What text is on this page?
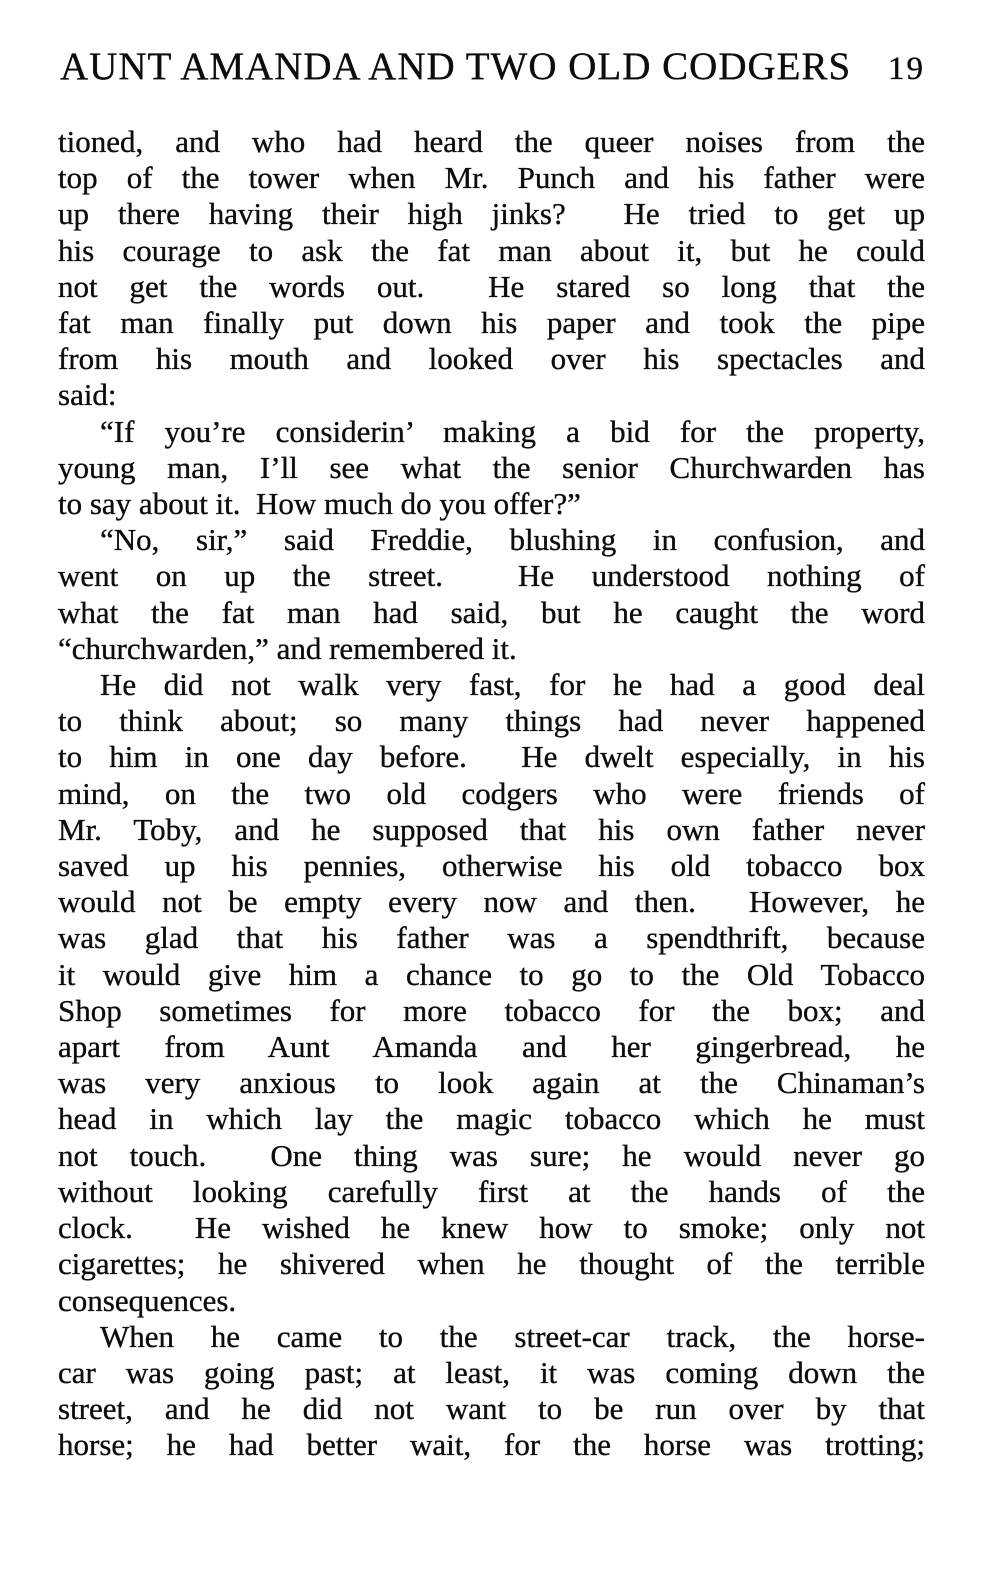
AUNT AMANDA AND TWO OLD CODGERS 19
tioned, and who had heard the queer noises from the
top of the tower when Mr. Punch and his father were
up there having their high jinks?  He tried to get up
his courage to ask the fat man about it, but he could
not get the words out.  He stared so long that the
fat man finally put down his paper and took the pipe
from his mouth and looked over his spectacles and
said:
“If you’re considerin’ making a bid for the property,
young man, I’ll see what the senior Churchwarden has
to say about it.  How much do you offer?”
“No, sir,” said Freddie, blushing in confusion, and
went on up the street.  He understood nothing of
what the fat man had said, but he caught the word
“churchwarden,” and remembered it.
He did not walk very fast, for he had a good deal
to think about; so many things had never happened
to him in one day before.  He dwelt especially, in his
mind, on the two old codgers who were friends of
Mr. Toby, and he supposed that his own father never
saved up his pennies, otherwise his old tobacco box
would not be empty every now and then.  However, he
was glad that his father was a spendthrift, because
it would give him a chance to go to the Old Tobacco
Shop sometimes for more tobacco for the box; and
apart from Aunt Amanda and her gingerbread, he
was very anxious to look again at the Chinaman’s
head in which lay the magic tobacco which he must
not touch.  One thing was sure; he would never go
without looking carefully first at the hands of the
clock.  He wished he knew how to smoke; only not
cigarettes; he shivered when he thought of the terrible
consequences.
When he came to the street-car track, the horse-
car was going past; at least, it was coming down the
street, and he did not want to be run over by that
horse; he had better wait, for the horse was trotting;
